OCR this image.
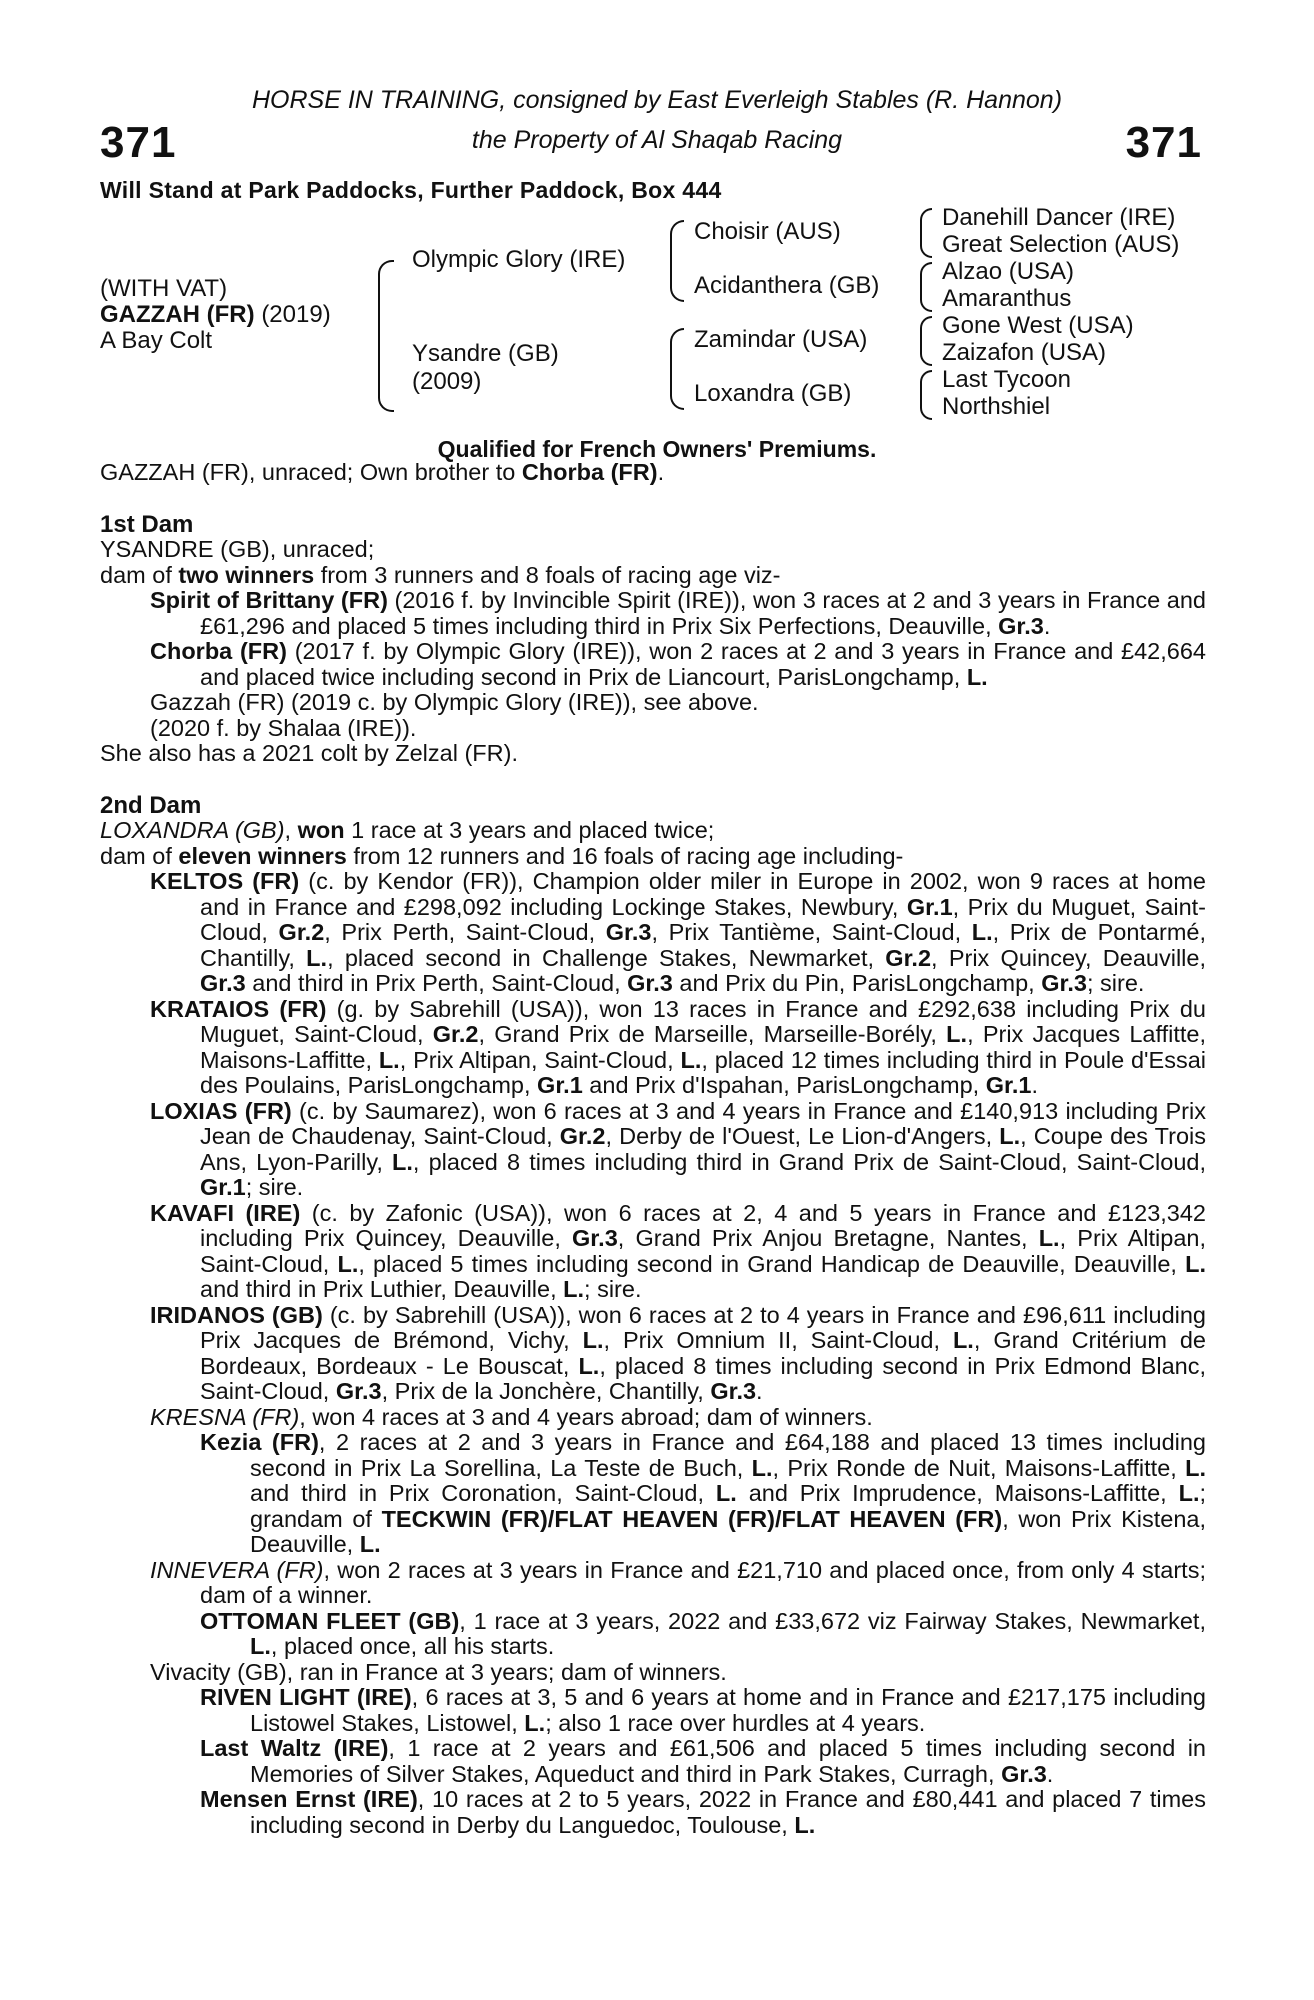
371	371
HORSE IN TRAINING, consigned by East Everleigh Stables (R. Hannon)
the Property of Al Shaqab Racing
Will Stand at Park Paddocks, Further Paddock, Box 444
(WITH VAT)
GAZZAH (FR) (2019)
A Bay Colt
Olympic Glory (IRE)
Ysandre (GB)
(2009)
Choisir (AUS)
Acidanthera (GB)
Zamindar (USA)
Loxandra (GB)
Danehill Dancer (IRE)
Great Selection (AUS)
Alzao (USA)
Amaranthus
Gone West (USA)
Zaizafon (USA)
Last Tycoon
Northshiel
Qualified for French Owners' Premiums.

GAZZAH (FR), unraced; Own brother to Chorba (FR).

1st Dam

YSANDRE (GB), unraced;

dam of two winners from 3 runners and 8 foals of racing age viz-

Spirit of Brittany (FR) (2016 f. by Invincible Spirit (IRE)), won 3 races at 2 and 3 years in France and £61,296 and placed 5 times including third in Prix Six Perfections, Deauville, Gr.3.

Chorba (FR) (2017 f. by Olympic Glory (IRE)), won 2 races at 2 and 3 years in France and £42,664 and placed twice including second in Prix de Liancourt, ParisLongchamp, L.

Gazzah (FR) (2019 c. by Olympic Glory (IRE)), see above.

(2020 f. by Shalaa (IRE)).

She also has a 2021 colt by Zelzal (FR).

2nd Dam

LOXANDRA (GB), won 1 race at 3 years and placed twice;

dam of eleven winners from 12 runners and 16 foals of racing age including-

KELTOS (FR) (c. by Kendor (FR)), Champion older miler in Europe in 2002, won 9 races at home and in France and £298,092 including Lockinge Stakes, Newbury, Gr.1, Prix du Muguet, Saint-Cloud, Gr.2, Prix Perth, Saint-Cloud, Gr.3, Prix Tantième, Saint-Cloud, L., Prix de Pontarmé, Chantilly, L., placed second in Challenge Stakes, Newmarket, Gr.2, Prix Quincey, Deauville, Gr.3 and third in Prix Perth, Saint-Cloud, Gr.3 and Prix du Pin, ParisLongchamp, Gr.3; sire.

KRATAIOS (FR) (g. by Sabrehill (USA)), won 13 races in France and £292,638 including Prix du Muguet, Saint-Cloud, Gr.2, Grand Prix de Marseille, Marseille-Borély, L., Prix Jacques Laffitte, Maisons-Laffitte, L., Prix Altipan, Saint-Cloud, L., placed 12 times including third in Poule d'Essai des Poulains, ParisLongchamp, Gr.1 and Prix d'Ispahan, ParisLongchamp, Gr.1.

LOXIAS (FR) (c. by Saumarez), won 6 races at 3 and 4 years in France and £140,913 including Prix Jean de Chaudenay, Saint-Cloud, Gr.2, Derby de l'Ouest, Le Lion-d'Angers, L., Coupe des Trois Ans, Lyon-Parilly, L., placed 8 times including third in Grand Prix de Saint-Cloud, Saint-Cloud, Gr.1; sire.

KAVAFI (IRE) (c. by Zafonic (USA)), won 6 races at 2, 4 and 5 years in France and £123,342 including Prix Quincey, Deauville, Gr.3, Grand Prix Anjou Bretagne, Nantes, L., Prix Altipan, Saint-Cloud, L., placed 5 times including second in Grand Handicap de Deauville, Deauville, L. and third in Prix Luthier, Deauville, L.; sire.

IRIDANOS (GB) (c. by Sabrehill (USA)), won 6 races at 2 to 4 years in France and £96,611 including Prix Jacques de Brémond, Vichy, L., Prix Omnium II, Saint-Cloud, L., Grand Critérium de Bordeaux, Bordeaux - Le Bouscat, L., placed 8 times including second in Prix Edmond Blanc, Saint-Cloud, Gr.3, Prix de la Jonchère, Chantilly, Gr.3.

KRESNA (FR), won 4 races at 3 and 4 years abroad; dam of winners.

Kezia (FR), 2 races at 2 and 3 years in France and £64,188 and placed 13 times including second in Prix La Sorellina, La Teste de Buch, L., Prix Ronde de Nuit, Maisons-Laffitte, L. and third in Prix Coronation, Saint-Cloud, L. and Prix Imprudence, Maisons-Laffitte, L.; grandam of TECKWIN (FR)/FLAT HEAVEN (FR)/FLAT HEAVEN (FR), won Prix Kistena, Deauville, L.

INNEVERA (FR), won 2 races at 3 years in France and £21,710 and placed once, from only 4 starts; dam of a winner.

OTTOMAN FLEET (GB), 1 race at 3 years, 2022 and £33,672 viz Fairway Stakes, Newmarket, L., placed once, all his starts.

Vivacity (GB), ran in France at 3 years; dam of winners.

RIVEN LIGHT (IRE), 6 races at 3, 5 and 6 years at home and in France and £217,175 including Listowel Stakes, Listowel, L.; also 1 race over hurdles at 4 years.

Last Waltz (IRE), 1 race at 2 years and £61,506 and placed 5 times including second in Memories of Silver Stakes, Aqueduct and third in Park Stakes, Curragh, Gr.3.

Mensen Ernst (IRE), 10 races at 2 to 5 years, 2022 in France and £80,441 and placed 7 times including second in Derby du Languedoc, Toulouse, L.
